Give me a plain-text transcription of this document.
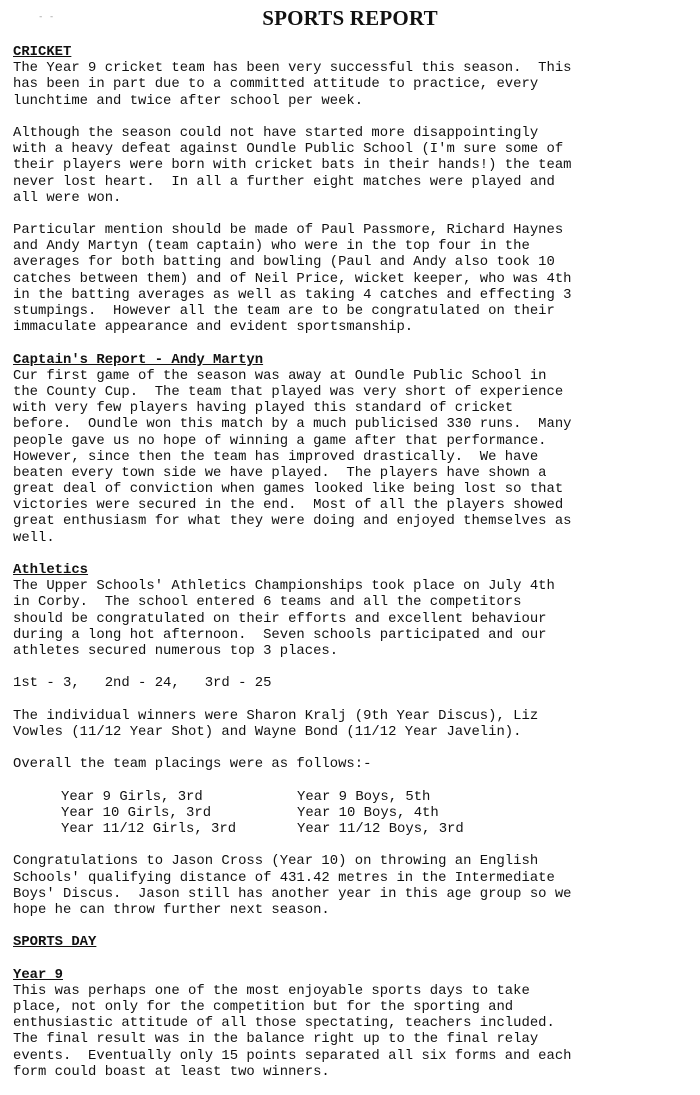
- -	SPORTS REPORT
CRICKET
The Year 9 cricket team has been very successful this season.  This
has been in part due to a committed attitude to practice, every
lunchtime and twice after school per week.
Although the season could not have started more disappointingly
with a heavy defeat against Oundle Public School (I'm sure some of
their players were born with cricket bats in their hands!) the team
never lost heart.  In all a further eight matches were played and
all were won.
Particular mention should be made of Paul Passmore, Richard Haynes
and Andy Martyn (team captain) who were in the top four in the
averages for both batting and bowling (Paul and Andy also took 10
catches between them) and of Neil Price, wicket keeper, who was 4th
in the batting averages as well as taking 4 catches and effecting 3
stumpings.  However all the team are to be congratulated on their
immaculate appearance and evident sportsmanship.
Captain's Report - Andy Martyn
Cur first game of the season was away at Oundle Public School in
the County Cup.  The team that played was very short of experience
with very few players having played this standard of cricket
before.  Oundle won this match by a much publicised 330 runs.  Many
people gave us no hope of winning a game after that performance.
However, since then the team has improved drastically.  We have
beaten every town side we have played.  The players have shown a
great deal of conviction when games looked like being lost so that
victories were secured in the end.  Most of all the players showed
great enthusiasm for what they were doing and enjoyed themselves as
well.
Athletics
The Upper Schools' Athletics Championships took place on July 4th
in Corby.  The school entered 6 teams and all the competitors
should be congratulated on their efforts and excellent behaviour
during a long hot afternoon.  Seven schools participated and our
athletes secured numerous top 3 places.
1st - 3,   2nd - 24,   3rd - 25
The individual winners were Sharon Kralj (9th Year Discus), Liz
Vowles (11/12 Year Shot) and Wayne Bond (11/12 Year Javelin).
Overall the team placings were as follows:-
Year 9 Girls, 3rd	Year 9 Boys, 5th
Year 10 Girls, 3rd	Year 10 Boys, 4th
Year 11/12 Girls, 3rd	Year 11/12 Boys, 3rd
Congratulations to Jason Cross (Year 10) on throwing an English
Schools' qualifying distance of 431.42 metres in the Intermediate
Boys' Discus.  Jason still has another year in this age group so we
hope he can throw further next season.
SPORTS DAY
Year 9
This was perhaps one of the most enjoyable sports days to take
place, not only for the competition but for the sporting and
enthusiastic attitude of all those spectating, teachers included.
The final result was in the balance right up to the final relay
events.  Eventually only 15 points separated all six forms and each
form could boast at least two winners.
